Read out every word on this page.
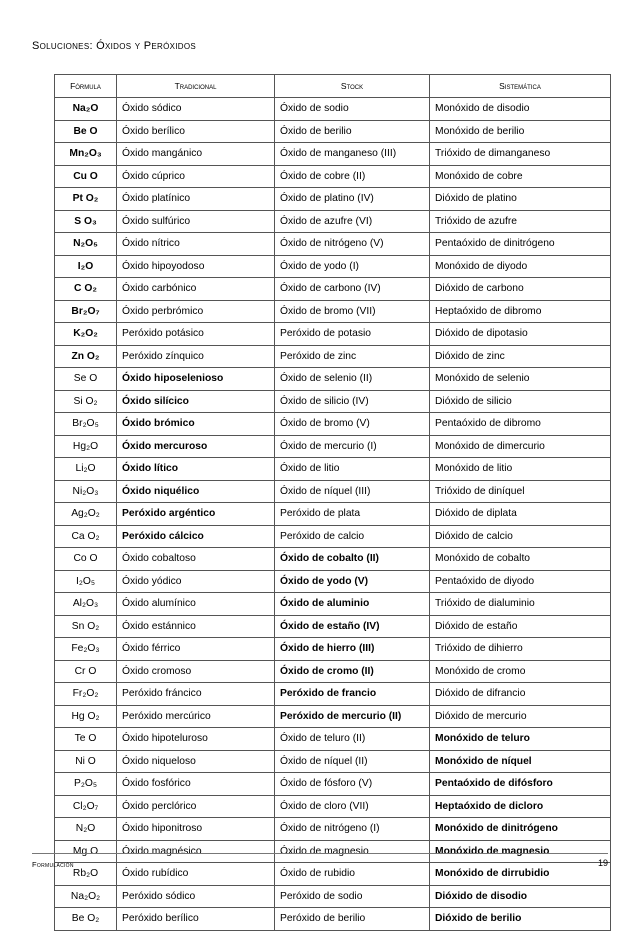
Soluciones: Óxidos y Peróxidos
Fórmula	Tradicional	Stock	Sistemática
Na₂O	Óxido sódico	Óxido de sodio	Monóxido de disodio
Be O	Óxido berílico	Óxido de berilio	Monóxido de berilio
Mn₂O₃	Óxido mangánico	Óxido de manganeso (III)	Trióxido de dimanganeso
Cu O	Óxido cúprico	Óxido de cobre (II)	Monóxido de cobre
Pt O₂	Óxido platínico	Óxido de platino (IV)	Dióxido de platino
S O₃	Óxido sulfúrico	Óxido de azufre (VI)	Trióxido de azufre
N₂O₅	Óxido nítrico	Óxido de nitrógeno (V)	Pentaóxido de dinitrógeno
I₂O	Óxido hipoyodoso	Óxido de yodo (I)	Monóxido de diyodo
C O₂	Óxido carbónico	Óxido de carbono (IV)	Dióxido de carbono
Br₂O₇	Óxido perbrómico	Óxido de bromo (VII)	Heptaóxido de dibromo
K₂O₂	Peróxido potásico	Peróxido de potasio	Dióxido de dipotasio
Zn O₂	Peróxido zínquico	Peróxido de zinc	Dióxido de zinc
Se O	Óxido hiposelenioso	Óxido de selenio (II)	Monóxido de selenio
Si O₂	Óxido silícico	Óxido de silicio (IV)	Dióxido de silicio
Br₂O₅	Óxido brómico	Óxido de bromo (V)	Pentaóxido de dibromo
Hg₂O	Óxido mercuroso	Óxido de mercurio (I)	Monóxido de dimercurio
Li₂O	Óxido lítico	Óxido de litio	Monóxido de litio
Ni₂O₃	Óxido niquélico	Óxido de níquel (III)	Trióxido de diníquel
Ag₂O₂	Peróxido argéntico	Peróxido de plata	Dióxido de diplata
Ca O₂	Peróxido cálcico	Peróxido de calcio	Dióxido de calcio
Co O	Óxido cobaltoso	Óxido de cobalto (II)	Monóxido de cobalto
I₂O₅	Óxido yódico	Óxido de yodo (V)	Pentaóxido de diyodo
Al₂O₃	Óxido alumínico	Óxido de aluminio	Trióxido de dialuminio
Sn O₂	Óxido estánnico	Óxido de estaño (IV)	Dióxido de estaño
Fe₂O₃	Óxido férrico	Óxido de hierro (III)	Trióxido de dihierro
Cr O	Óxido cromoso	Óxido de cromo (II)	Monóxido de cromo
Fr₂O₂	Peróxido fráncico	Peróxido de francio	Dióxido de difrancio
Hg O₂	Peróxido mercúrico	Peróxido de mercurio (II)	Dióxido de mercurio
Te O	Óxido hipoteluroso	Óxido de teluro (II)	Monóxido de teluro
Ni O	Óxido niqueloso	Óxido de níquel (II)	Monóxido de níquel
P₂O₅	Óxido fosfórico	Óxido de fósforo (V)	Pentaóxido de difósforo
Cl₂O₇	Óxido perclórico	Óxido de cloro (VII)	Heptaóxido de dicloro
N₂O	Óxido hiponitroso	Óxido de nitrógeno (I)	Monóxido de dinitrógeno
Mg O	Óxido magnésico	Óxido de magnesio	Monóxido de magnesio
Rb₂O	Óxido rubídico	Óxido de rubidio	Monóxido de dirrubidio
Na₂O₂	Peróxido sódico	Peróxido de sodio	Dióxido de disodio
Be O₂	Peróxido berílico	Peróxido de berilio	Dióxido de berilio
Formulación	19
